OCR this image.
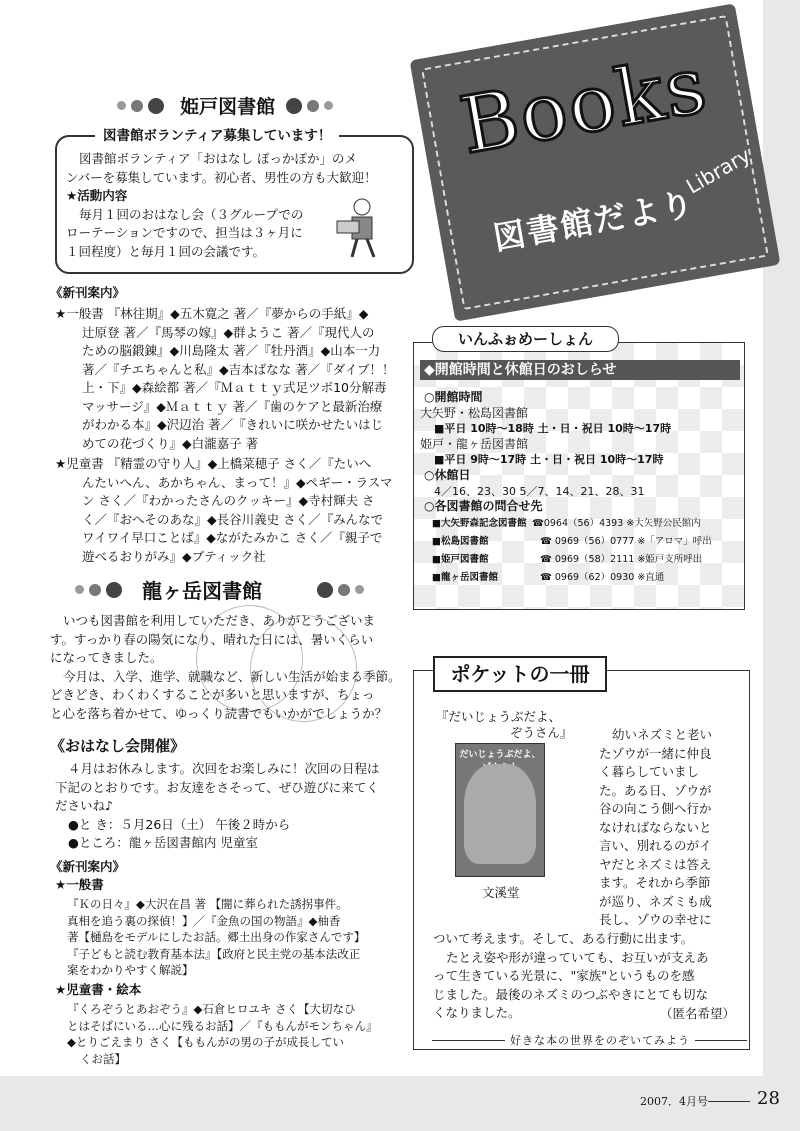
姫戸図書館
図書館ボランティア募集しています！

図書館ボランティア「おはなし ぽっかぽか」のメ

ンバーを募集しています。初心者、男性の方も大歓迎！

★活動内容

毎月１回のおはなし会（３グループでの

ローテーションですので、担当は３ヶ月に

１回程度）と毎月１回の会議です。

《新刊案内》

★一般書 『林往期』◆五木寛之 著／『夢からの手紙』◆

辻原登 著／『馬琴の嫁』◆群ようこ 著／『現代人の

ための脳鍛錬』◆川島隆太 著／『牡丹酒』◆山本一力

著／『チエちゃんと私』◆吉本ばなな 著／『ダイブ！！

上・下』◆森絵都 著／『Ｍａｔｔｙ式足ツボ10分解毒

マッサージ』◆Ｍａｔｔｙ 著／『歯のケアと最新治療

がわかる本』◆沢辺治 著／『きれいに咲かせたいはじ

めての花づくり』◆白瀧嘉子 著

★児童書 『精霊の守り人』◆上橋菜穂子 さく／『たいへ

んたいへん、あかちゃん、まって！』◆ペギー・ラスマ

ン さく／『わかったさんのクッキー』◆寺村輝夫 さ

く／『おへそのあな』◆長谷川義史 さく／『みんなで

ワイワイ早口ことば』◆ながたみかこ さく／『親子で

遊べるおりがみ』◆ブティック社

龍ヶ岳図書館

いつも図書館を利用していただき、ありがとうございま

す。すっかり春の陽気になり、晴れた日には、暑いくらい

になってきました。

今月は、入学、進学、就職など、新しい生活が始まる季節。

どきどき、わくわくすることが多いと思いますが、ちょっ

と心を落ち着かせて、ゆっくり読書でもいかがでしょうか？

《おはなし会開催》

４月はお休みします。次回をお楽しみに！次回の日程は

下記のとおりです。お友達をさそって、ぜひ遊びに来てく

ださいね♪

●と き：５月26日（土） 午後２時から

●ところ：龍ヶ岳図書館内 児童室

《新刊案内》
★一般書

『Ｋの日々』◆大沢在昌 著 【闇に葬られた誘拐事件。

真相を追う裏の探偵！】／『金魚の国の物語』◆柚香

著【樋島をモデルにしたお話。郷土出身の作家さんです】

『子どもと読む教育基本法』【政府と民主党の基本法改正

案をわかりやすく解説】

★児童書・絵本

『くろぞうとあおぞう』◆石倉ヒロユキ さく【大切なひ

とはそばにいる…心に残るお話】／『ももんがモンちゃん』

◆とりごえまり さく【ももんがの男の子が成長してい

くお話】

Books
図書館だより
Library
いんふぉめーしょん
◆開館時間と休館日のおしらせ

○開館時間

大矢野・松島図書館

■平日 10時〜18時 土・日・祝日 10時〜17時

姫戸・龍ヶ岳図書館

■平日 9時〜17時 土・日・祝日 10時〜17時

○休館日

4／16、23、30 5／7、14、21、28、31

○各図書館の問合せ先

■大矢野森記念図書館 ☎0964（56）4393 ※大矢野公民館内
■松島図書館	☎ 0969（56）0777 ※「アロマ」呼出
■姫戸図書館	☎ 0969（58）2111 ※姫戸支所呼出
■龍ヶ岳図書館	☎ 0969（62）0930 ※直通
ポケットの一冊
『だいじょうぶだよ、
ぞうさん』
だいじょうぶだよ、
文溪堂

幼いネズミと老い

たゾウが一緒に仲良

く暮らしていまし

た。ある日、ゾウが

谷の向こう側へ行か

なければならないと

言い、別れるのがイ

ヤだとネズミは答え

ます。それから季節

が巡り、ネズミも成

長し、ゾウの幸せに

ついて考えます。そして、ある行動に出ます。

たとえ姿や形が違っていても、お互いが支えあ

って生きている光景に、"家族"というものを感

じました。最後のネズミのつぶやきにとても切な

くなりました。	（匿名希望）
好きな本の世界をのぞいてみよう
2007．4月号	28
